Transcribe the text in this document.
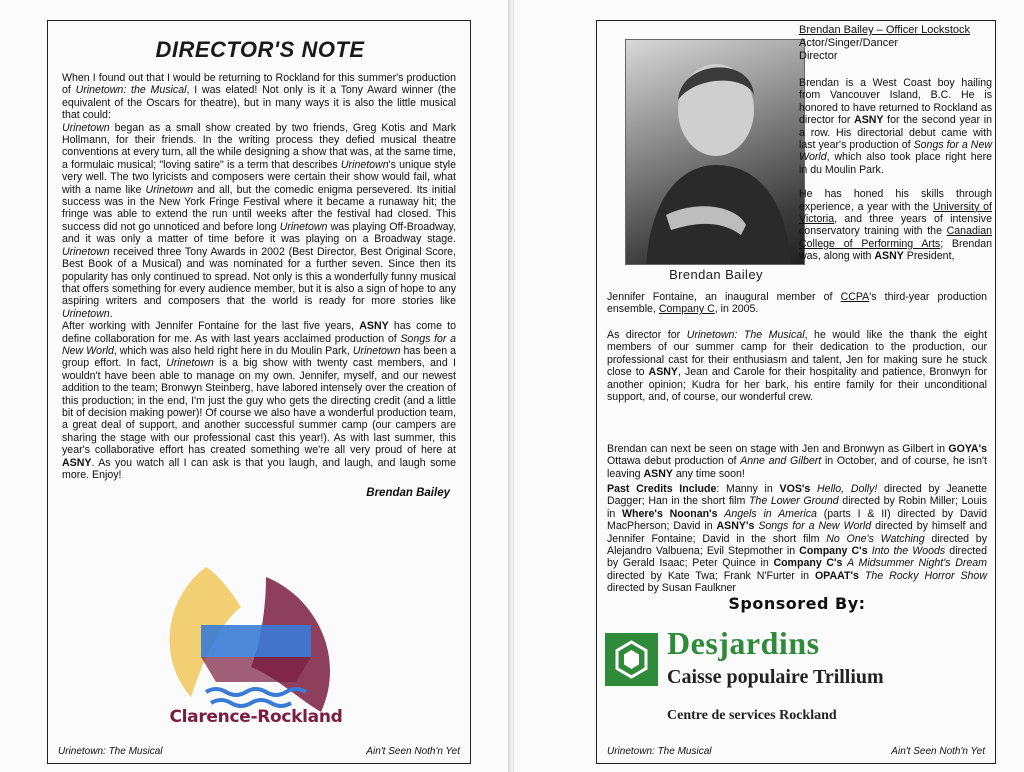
DIRECTOR'S NOTE

When I found out that I would be returning to Rockland for this summer's production of Urinetown: the Musical, I was elated! Not only is it a Tony Award winner (the equivalent of the Oscars for theatre), but in many ways it is also the little musical that could:

Urinetown began as a small show created by two friends, Greg Kotis and Mark Hollmann, for their friends. In the writing process they defied musical theatre conventions at every turn, all the while designing a show that was, at the same time, a formulaic musical; "loving satire" is a term that describes Urinetown's unique style very well. The two lyricists and composers were certain their show would fail, what with a name like Urinetown and all, but the comedic enigma persevered. Its initial success was in the New York Fringe Festival where it became a runaway hit; the fringe was able to extend the run until weeks after the festival had closed. This success did not go unnoticed and before long Urinetown was playing Off-Broadway, and it was only a matter of time before it was playing on a Broadway stage. Urinetown received three Tony Awards in 2002 (Best Director, Best Original Score, Best Book of a Musical) and was nominated for a further seven. Since then its popularity has only continued to spread. Not only is this a wonderfully funny musical that offers something for every audience member, but it is also a sign of hope to any aspiring writers and composers that the world is ready for more stories like Urinetown.

After working with Jennifer Fontaine for the last five years, ASNY has come to define collaboration for me. As with last years acclaimed production of Songs for a New World, which was also held right here in du Moulin Park, Urinetown has been a group effort. In fact, Urinetown is a big show with twenty cast members, and I wouldn't have been able to manage on my own. Jennifer, myself, and our newest addition to the team; Bronwyn Steinberg, have labored intensely over the creation of this production; in the end, I'm just the guy who gets the directing credit (and a little bit of decision making power)! Of course we also have a wonderful production team, a great deal of support, and another successful summer camp (our campers are sharing the stage with our professional cast this year!). As with last summer, this year's collaborative effort has created something we're all very proud of here at ASNY. As you watch all I can ask is that you laugh, and laugh, and laugh some more. Enjoy!

Brendan Bailey
Clarence-Rockland
Urinetown: The Musical	Ain't Seen Noth'n Yet
Brendan Bailey
Brendan Bailey – Officer Lockstock
Actor/Singer/Dancer
Director

Brendan is a West Coast boy hailing from Vancouver Island, B.C. He is honored to have returned to Rockland as director for ASNY for the second year in a row. His directorial debut came with last year's production of Songs for a New World, which also took place right here in du Moulin Park.

He has honed his skills through experience, a year with the University of Victoria, and three years of intensive conservatory training with the Canadian College of Performing Arts; Brendan was, along with ASNY President,

Jennifer Fontaine, an inaugural member of CCPA's third-year production ensemble, Company C, in 2005.

As director for Urinetown: The Musical, he would like the thank the eight members of our summer camp for their dedication to the production, our professional cast for their enthusiasm and talent, Jen for making sure he stuck close to ASNY, Jean and Carole for their hospitality and patience, Bronwyn for another opinion; Kudra for her bark, his entire family for their unconditional support, and, of course, our wonderful crew.

Brendan can next be seen on stage with Jen and Bronwyn as Gilbert in GOYA's Ottawa debut production of Anne and Gilbert in October, and of course, he isn't leaving ASNY any time soon!

Past Credits Include: Manny in VOS's Hello, Dolly! directed by Jeanette Dagger; Han in the short film The Lower Ground directed by Robin Miller; Louis in Where's Noonan's Angels in America (parts I & II) directed by David MacPherson; David in ASNY's Songs for a New World directed by himself and Jennifer Fontaine; David in the short film No One's Watching directed by Alejandro Valbuena; Evil Stepmother in Company C's Into the Woods directed by Gerald Isaac; Peter Quince in Company C's A Midsummer Night's Dream directed by Kate Twa; Frank N'Furter in OPAAT's The Rocky Horror Show directed by Susan Faulkner

Sponsored By:
Desjardins
Caisse populaire Trillium
Centre de services Rockland
Urinetown: The Musical	Ain't Seen Noth'n Yet
